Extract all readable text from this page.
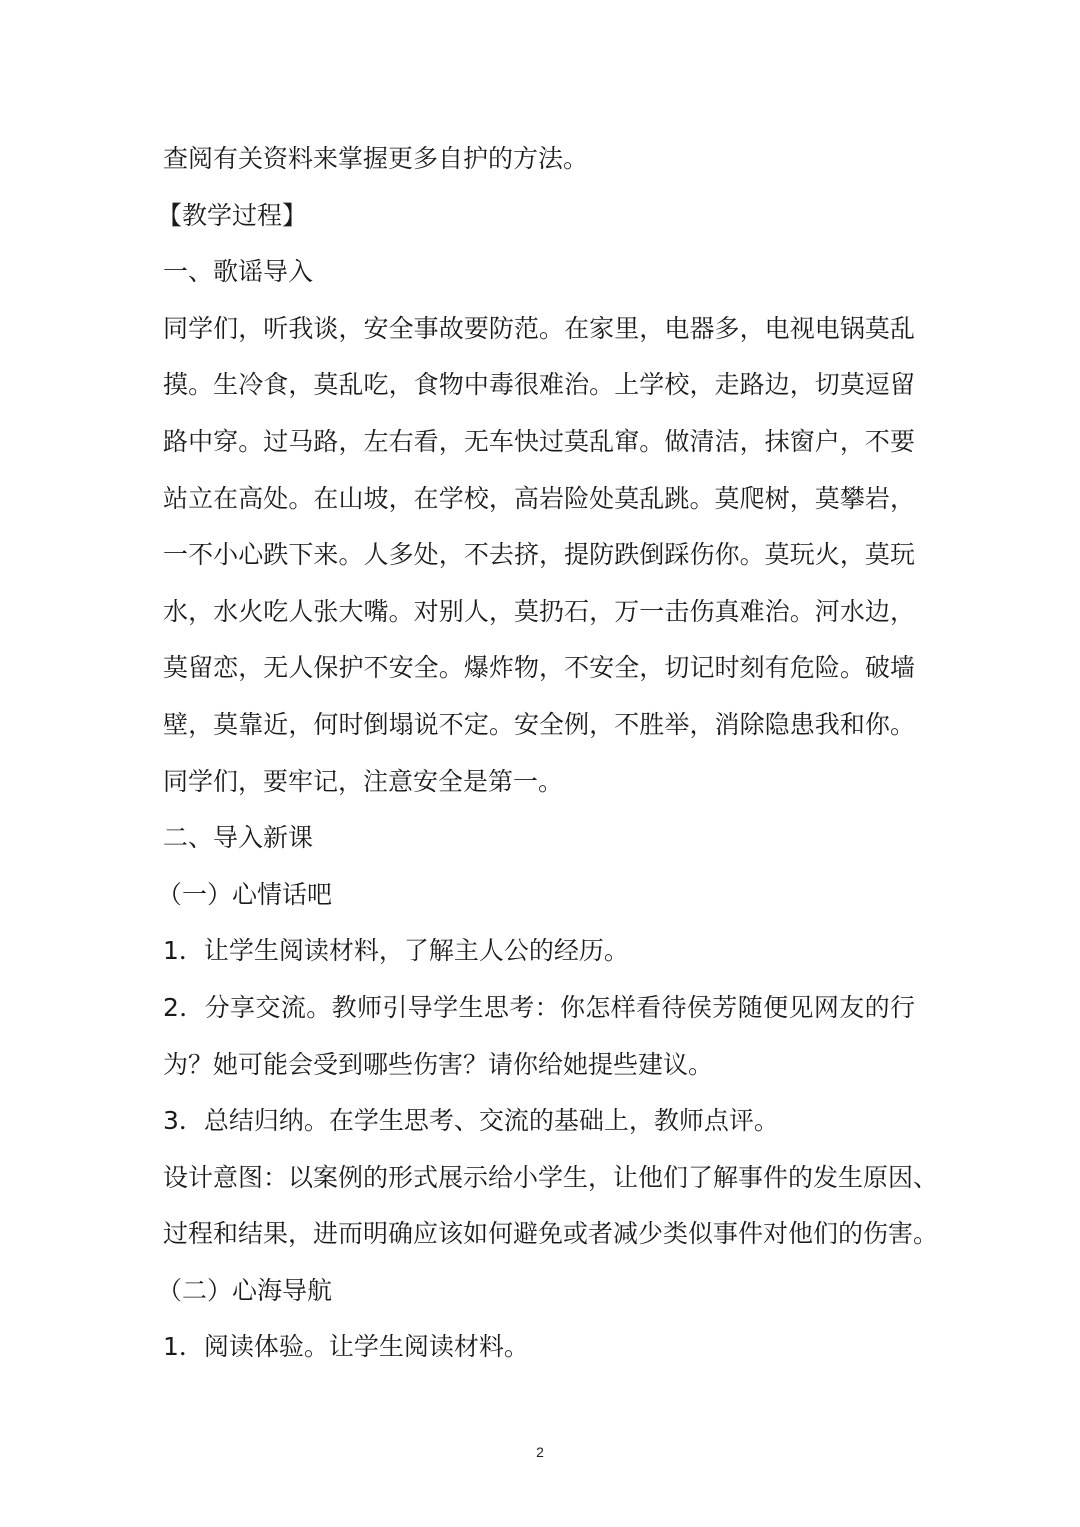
查阅有关资料来掌握更多自护的方法。
【教学过程】
一、歌谣导入
同学们，听我谈，安全事故要防范。在家里，电器多，电视电锅莫乱
摸。生冷食，莫乱吃，食物中毒很难治。上学校，走路边，切莫逗留
路中穿。过马路，左右看，无车快过莫乱窜。做清洁，抹窗户，不要
站立在高处。在山坡，在学校，高岩险处莫乱跳。莫爬树，莫攀岩，
一不小心跌下来。人多处，不去挤，提防跌倒踩伤你。莫玩火，莫玩
水，水火吃人张大嘴。对别人，莫扔石，万一击伤真难治。河水边，
莫留恋，无人保护不安全。爆炸物，不安全，切记时刻有危险。破墙
壁，莫靠近，何时倒塌说不定。安全例，不胜举，消除隐患我和你。
同学们，要牢记，注意安全是第一。
二、导入新课
（一）心情话吧
1．让学生阅读材料，了解主人公的经历。
2．分享交流。教师引导学生思考：你怎样看待侯芳随便见网友的行
为？她可能会受到哪些伤害？请你给她提些建议。
3．总结归纳。在学生思考、交流的基础上，教师点评。
设计意图：以案例的形式展示给小学生，让他们了解事件的发生原因、
过程和结果，进而明确应该如何避免或者减少类似事件对他们的伤害。
（二）心海导航
1．阅读体验。让学生阅读材料。
2
